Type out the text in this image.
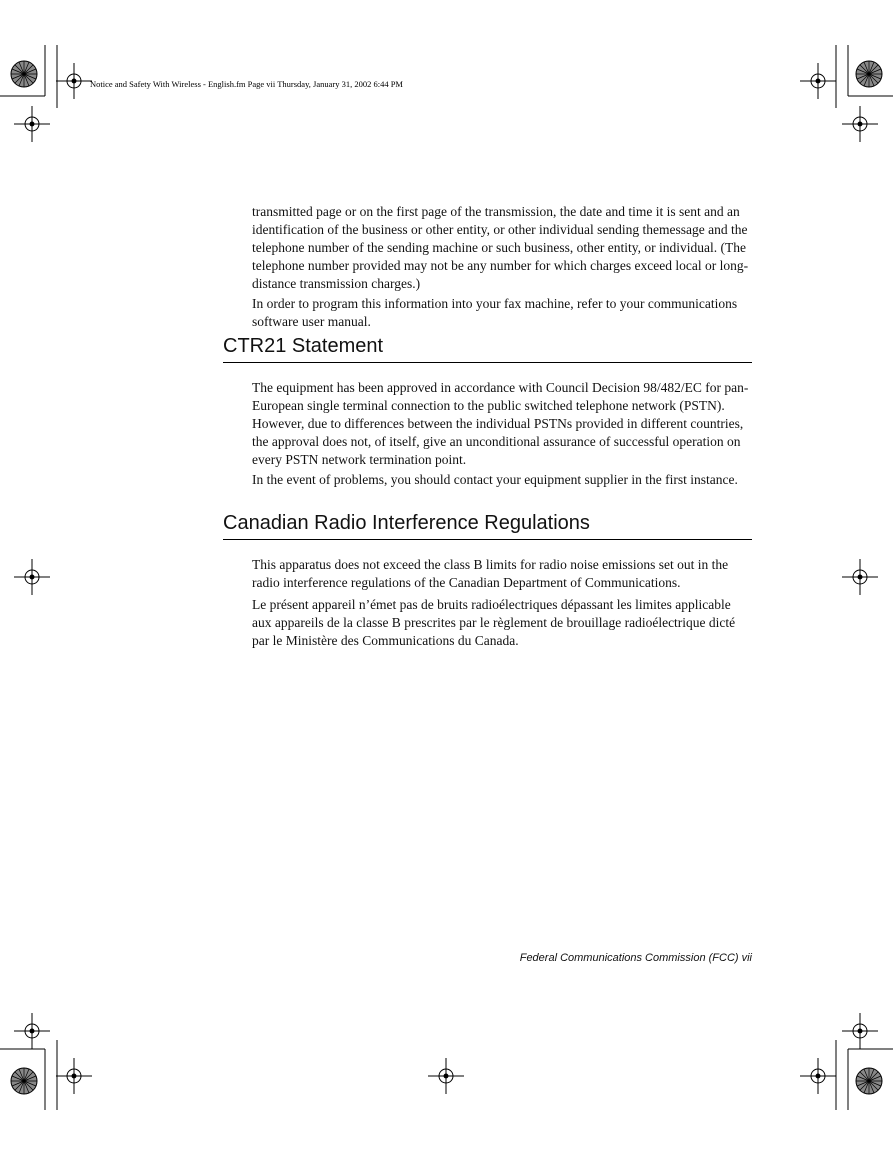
Notice and Safety With Wireless - English.fm Page vii Thursday, January 31, 2002 6:44 PM

transmitted page or on the first page of the transmission, the date and time it is sent and an identification of the business or other entity, or other individual sending themessage and the telephone number of the sending machine or such business, other entity, or individual. (The telephone number provided may not be any number for which charges exceed local or long-distance transmission charges.)

In order to program this information into your fax machine, refer to your communications software user manual.

CTR21 Statement

The equipment has been approved in accordance with Council Decision 98/482/EC for pan-European single terminal connection to the public switched telephone network (PSTN). However, due to differences between the individual PSTNs provided in different countries, the approval does not, of itself, give an unconditional assurance of successful operation on every PSTN network termination point.

In the event of problems, you should contact your equipment supplier in the first instance.

Canadian Radio Interference Regulations

This apparatus does not exceed the class B limits for radio noise emissions set out in the radio interference regulations of the Canadian Department of Communications.

Le présent appareil n’émet pas de bruits radioélectriques dépassant les limites applicable aux appareils de la classe B prescrites par le règlement de brouillage radioélectrique dicté par le Ministère des Communications du Canada.

Federal Communications Commission (FCC) vii
